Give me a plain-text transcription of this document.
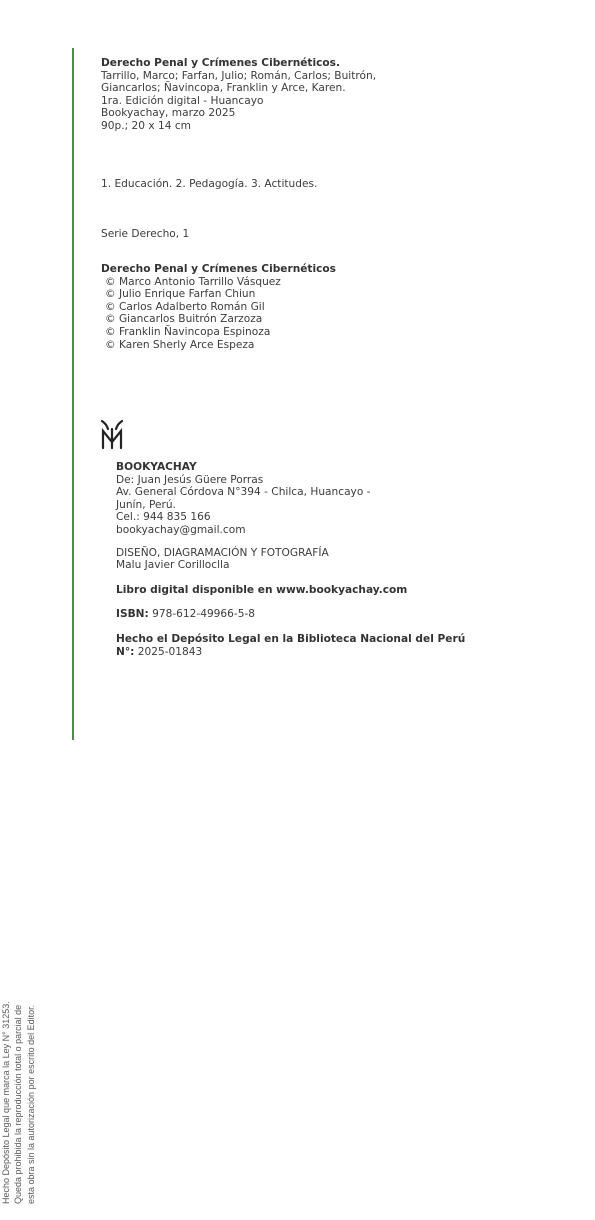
Hecho Depósito Legal que marca la Ley N° 31253. Queda prohibida la reproducción total o parcial de esta obra sin la autorización por escrito del Editor.
Derecho Penal y Crímenes Cibernéticos.
Tarrillo, Marco; Farfan, Julio; Román, Carlos; Buitrón,
Giancarlos; Ñavincopa, Franklin y Arce, Karen.
1ra. Edición digital - Huancayo
Bookyachay, marzo 2025
90p.; 20 x 14 cm
1. Educación. 2. Pedagogía. 3. Actitudes.
Serie Derecho, 1
Derecho Penal y Crímenes Cibernéticos
© Marco Antonio Tarrillo Vásquez
© Julio Enrique Farfan Chiun
© Carlos Adalberto Román Gil
© Giancarlos Buitrón Zarzoza
© Franklin Ñavincopa Espinoza
© Karen Sherly Arce Espeza
BOOKYACHAY
De: Juan Jesús Güere Porras
Av. General Córdova N°394 - Chilca, Huancayo -
Junín, Perú.
Cel.: 944 835 166
bookyachay@gmail.com
DISEÑO, DIAGRAMACIÓN Y FOTOGRAFÍA
Malu Javier Corilloclla
Libro digital disponible en www.bookyachay.com
ISBN: 978-612-49966-5-8
Hecho el Depósito Legal en la Biblioteca Nacional del Perú
N°: 2025-01843
